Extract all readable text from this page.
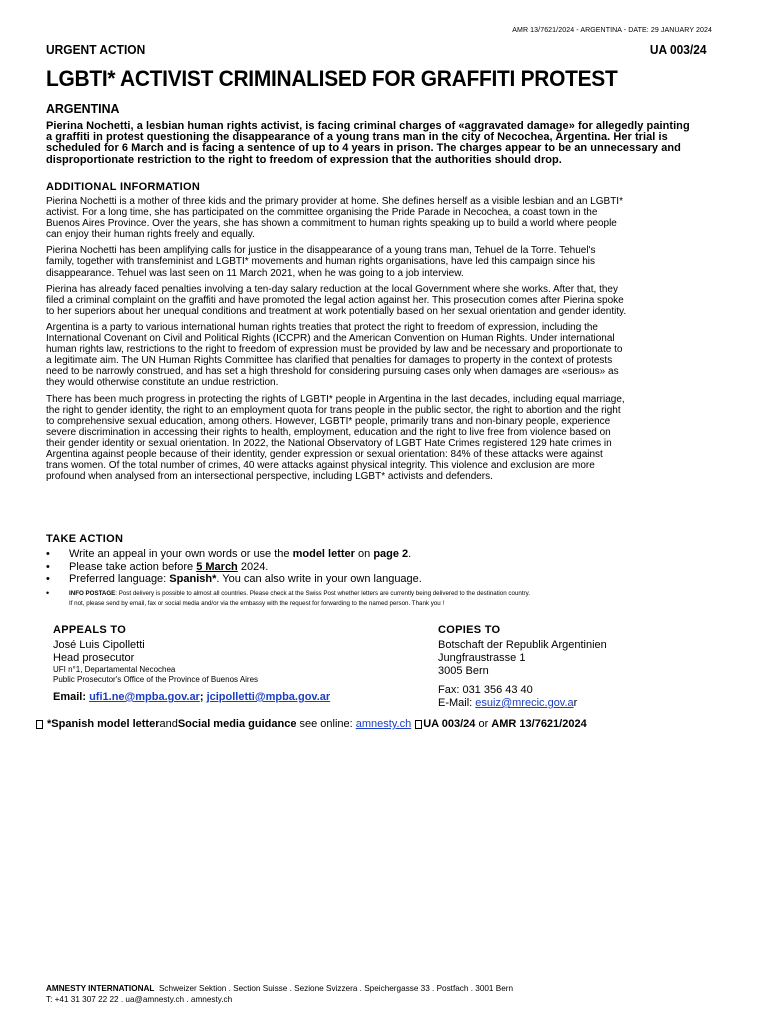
AMR 13/7621/2024 - ARGENTINA - DATE: 29 JANUARY 2024
URGENT ACTION	UA 003/24
LGBTI* ACTIVIST CRIMINALISED FOR GRAFFITI PROTEST
ARGENTINA

Pierina Nochetti, a lesbian human rights activist, is facing criminal charges of «aggravated damage» for allegedly painting

a graffiti in protest questioning the disappearance of a young trans man in the city of Necochea, Argentina. Her trial is

scheduled for 6 March and is facing a sentence of up to 4 years in prison. The charges appear to be an unnecessary and

disproportionate restriction to the right to freedom of expression that the authorities should drop.

ADDITIONAL INFORMATION
Pierina Nochetti is a mother of three kids and the primary provider at home. She defines herself as a visible lesbian and an LGBTI*
activist. For a long time, she has participated on the committee organising the Pride Parade in Necochea, a coast town in the
Buenos Aires Province. Over the years, she has shown a commitment to human rights speaking up to build a world where people
can enjoy their human rights freely and equally.
Pierina Nochetti has been amplifying calls for justice in the disappearance of a young trans man, Tehuel de la Torre. Tehuel's
family, together with transfeminist and LGBTI* movements and human rights organisations, have led this campaign since his
disappearance. Tehuel was last seen on 11 March 2021, when he was going to a job interview.
Pierina has already faced penalties involving a ten-day salary reduction at the local Government where she works. After that, they
filed a criminal complaint on the graffiti and have promoted the legal action against her. This prosecution comes after Pierina spoke
to her superiors about her unequal conditions and treatment at work potentially based on her sexual orientation and gender identity.
Argentina is a party to various international human rights treaties that protect the right to freedom of expression, including the
International Covenant on Civil and Political Rights (ICCPR) and the American Convention on Human Rights. Under international
human rights law, restrictions to the right to freedom of expression must be provided by law and be necessary and proportionate to
a legitimate aim. The UN Human Rights Committee has clarified that penalties for damages to property in the context of protests
need to be narrowly construed, and has set a high threshold for considering pursuing cases only when damages are «serious» as
they would otherwise constitute an undue restriction.
There has been much progress in protecting the rights of LGBTI* people in Argentina in the last decades, including equal marriage,
the right to gender identity, the right to an employment quota for trans people in the public sector, the right to abortion and the right
to comprehensive sexual education, among others. However, LGBTI* people, primarily trans and non-binary people, experience
severe discrimination in accessing their rights to health, employment, education and the right to live free from violence based on
their gender identity or sexual orientation. In 2022, the National Observatory of LGBT Hate Crimes registered 129 hate crimes in
Argentina against people because of their identity, gender expression or sexual orientation: 84% of these attacks were against
trans women. Of the total number of crimes, 40 were attacks against physical integrity. This violence and exclusion are more
profound when analysed from an intersectional perspective, including LGBT* activists and defenders.
TAKE ACTION
•	Write an appeal in your own words or use the model letter on page 2.
•	Please take action before 5 March 2024.
•	Preferred language: Spanish*. You can also write in your own language.
•	INFO POSTAGE: Post delivery is possible to almost all countries. Please check at the Swiss Post whether letters are currently being delivered to the destination country.
If not, please send by email, fax or social media and/or via the embassy with the request for forwarding to the named person. Thank you !
APPEALS TO
José Luis Cipolletti
Head prosecutor
UFI n°1, Departamental Necochea
Public Prosecutor's Office of the Province of Buenos Aires
Email: ufi1.ne@mpba.gov.ar; jcipolletti@mpba.gov.ar
COPIES TO
Botschaft der Republik Argentinien
Jungfraustrasse 1
3005 Bern
Fax: 031 356 43 40
E-Mail: esuiz@mrecic.gov.ar
*Spanish model letter and Social media guidance see online: amnesty.ch UA 003/24 or AMR 13/7621/2024
AMNESTY INTERNATIONAL  Schweizer Sektion . Section Suisse . Sezione Svizzera . Speichergasse 33 . Postfach . 3001 Bern
T: +41 31 307 22 22 . ua@amnesty.ch . amnesty.ch
